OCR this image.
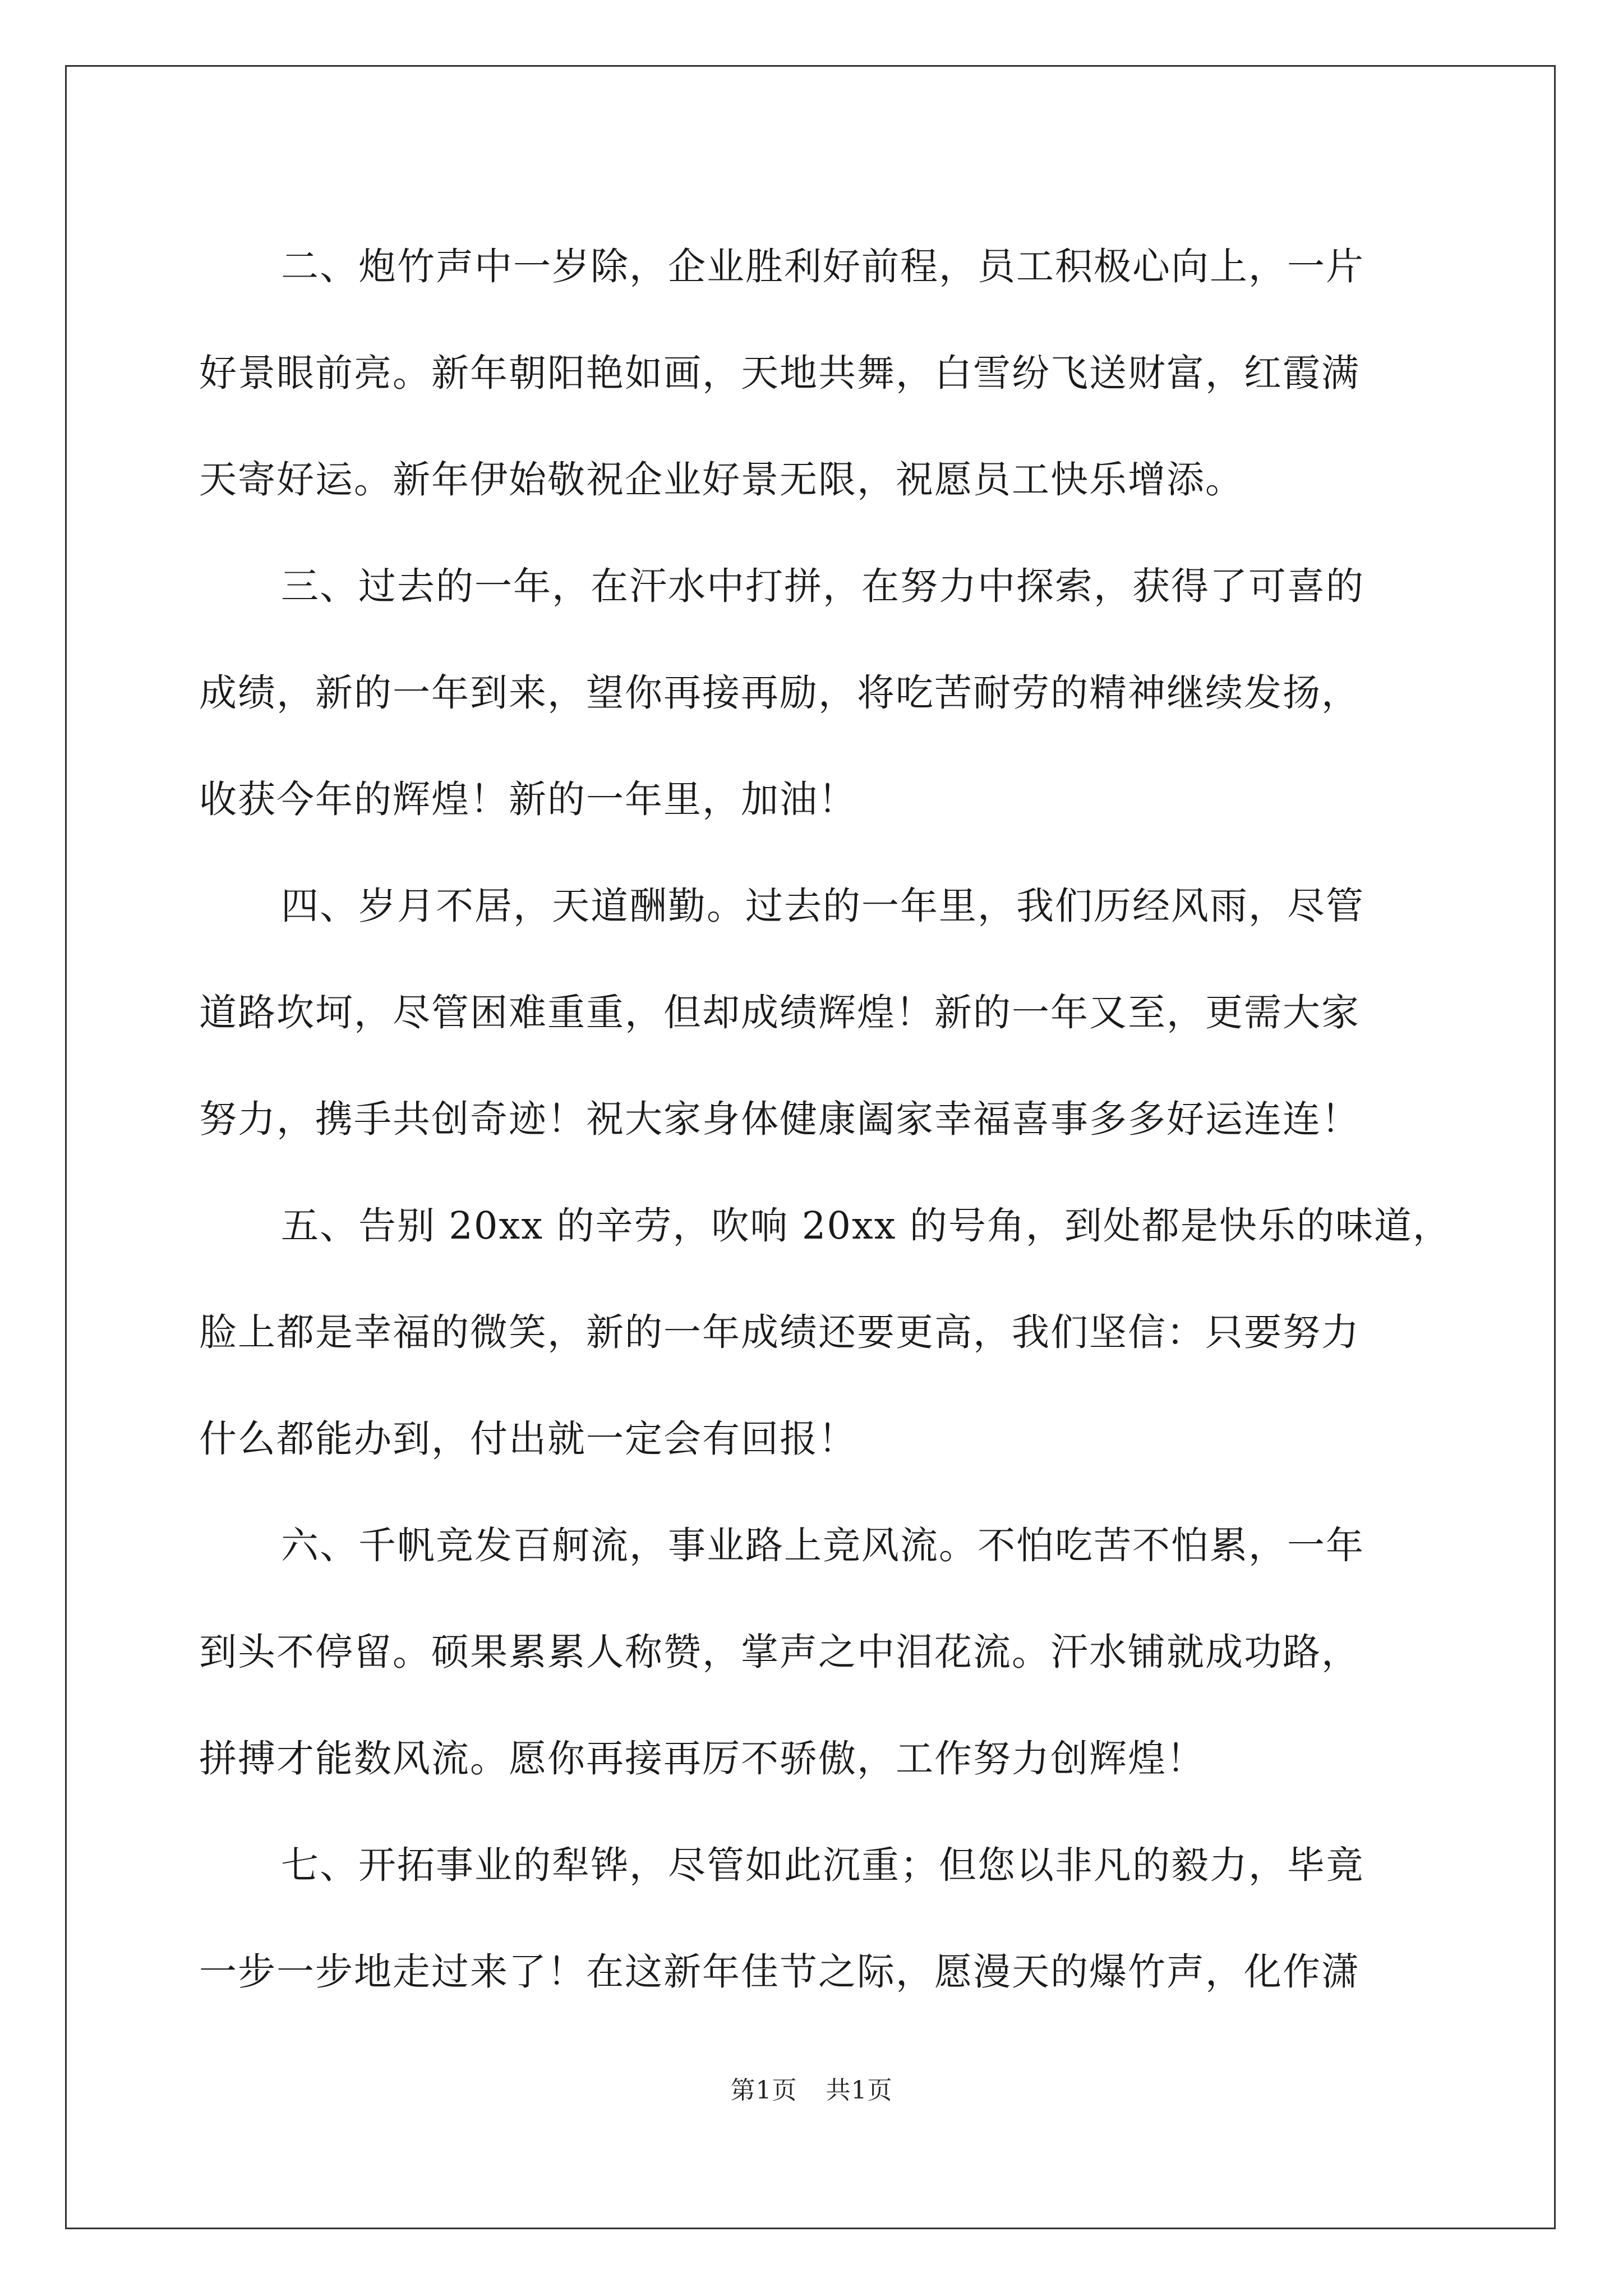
二、炮竹声中一岁除，企业胜利好前程，员工积极心向上，一片
好景眼前亮。新年朝阳艳如画，天地共舞，白雪纷飞送财富，红霞满
天寄好运。新年伊始敬祝企业好景无限，祝愿员工快乐增添。

三、过去的一年，在汗水中打拼，在努力中探索，获得了可喜的
成绩，新的一年到来，望你再接再励，将吃苦耐劳的精神继续发扬，
收获今年的辉煌！新的一年里，加油！

四、岁月不居，天道酬勤。过去的一年里，我们历经风雨，尽管
道路坎坷，尽管困难重重，但却成绩辉煌！新的一年又至，更需大家
努力，携手共创奇迹！祝大家身体健康阖家幸福喜事多多好运连连！

五、告别 20xx 的辛劳，吹响 20xx 的号角，到处都是快乐的味道，
脸上都是幸福的微笑，新的一年成绩还要更高，我们坚信：只要努力
什么都能办到，付出就一定会有回报！

六、千帆竞发百舸流，事业路上竞风流。不怕吃苦不怕累，一年
到头不停留。硕果累累人称赞，掌声之中泪花流。汗水铺就成功路，
拼搏才能数风流。愿你再接再厉不骄傲，工作努力创辉煌！

七、开拓事业的犁铧，尽管如此沉重；但您以非凡的毅力，毕竟
一步一步地走过来了！在这新年佳节之际，愿漫天的爆竹声，化作潇

第1页 共1页
